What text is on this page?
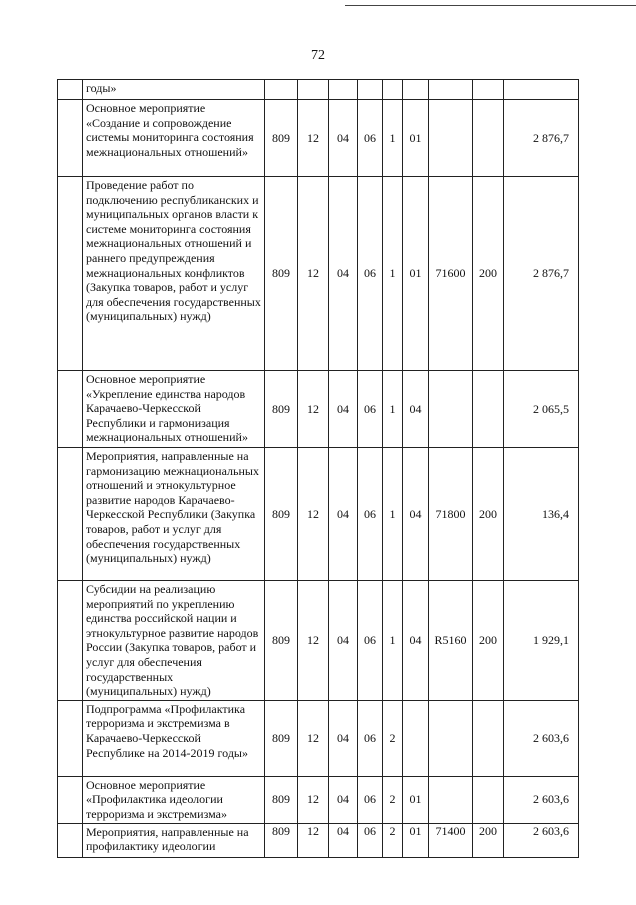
72
	годы»									
	Основное мероприятие «Создание и сопровождение системы мониторинга состояния межнациональных отношений»	809	12	04	06	1	01			2 876,7
	Проведение работ по подключению республиканских и муниципальных органов власти к системе мониторинга состояния межнациональных отношений и раннего предупреждения межнациональных конфликтов (Закупка товаров, работ и услуг для обеспечения государственных (муниципальных) нужд)	809	12	04	06	1	01	71600	200	2 876,7
	Основное мероприятие «Укрепление единства народов Карачаево-Черкесской Республики и гармонизация межнациональных отношений»	809	12	04	06	1	04			2 065,5
	Мероприятия, направленные на гармонизацию межнациональных отношений и этнокультурное развитие народов Карачаево-Черкесской Республики (Закупка товаров, работ и услуг для обеспечения государственных (муниципальных) нужд)	809	12	04	06	1	04	71800	200	136,4
	Субсидии на реализацию мероприятий по укреплению единства российской нации и этнокультурное развитие народов России (Закупка товаров, работ и услуг для обеспечения государственных (муниципальных) нужд)	809	12	04	06	1	04	R5160	200	1 929,1
	Подпрограмма «Профилактика терроризма и экстремизма в Карачаево-Черкесской Республике на 2014-2019 годы»	809	12	04	06	2				2 603,6
	Основное мероприятие «Профилактика идеологии терроризма и экстремизма»	809	12	04	06	2	01			2 603,6
	Мероприятия, направленные на профилактику идеологии	809	12	04	06	2	01	71400	200	2 603,6
